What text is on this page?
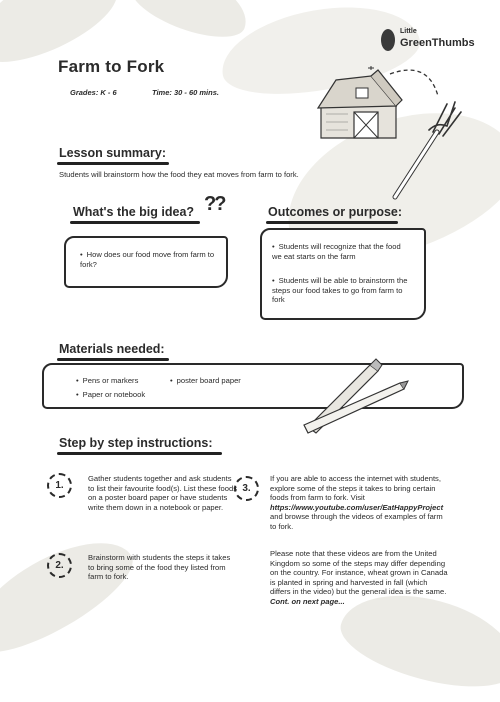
Little
GreenThumbs
Farm to Fork
Grades: K - 6	Time: 30 - 60 mins.
Lesson summary:
Students will brainstorm how the food they eat moves from farm to fork.
What's the big idea? ??
• How does our food move from farm to fork?
Outcomes or purpose:
• Students will recognize that the food we eat starts on the farm
• Students will be able to brainstorm the steps our food takes to go from farm to fork
Materials needed:
• Pens or markers
•	poster board paper
• Paper or notebook
Step by step instructions:
1.
Gather students together and ask students to list their favourite food(s). List these foods on a poster board paper or have students write them down in a notebook or paper.
2.
Brainstorm with students the steps it takes to bring some of the food they listed from farm to fork.
3.
If you are able to access the internet with students, explore some of the steps it takes to bring certain foods from farm to fork. Visit https://www.youtube.com/user/EatHappyProject and browse through the videos of examples of farm to fork.
Please note that these videos are from the United Kingdom so some of the steps may differ depending on the country. For instance, wheat grown in Canada is planted in spring and harvested in fall (which differs in the video) but the general idea is the same. Cont. on next page...
